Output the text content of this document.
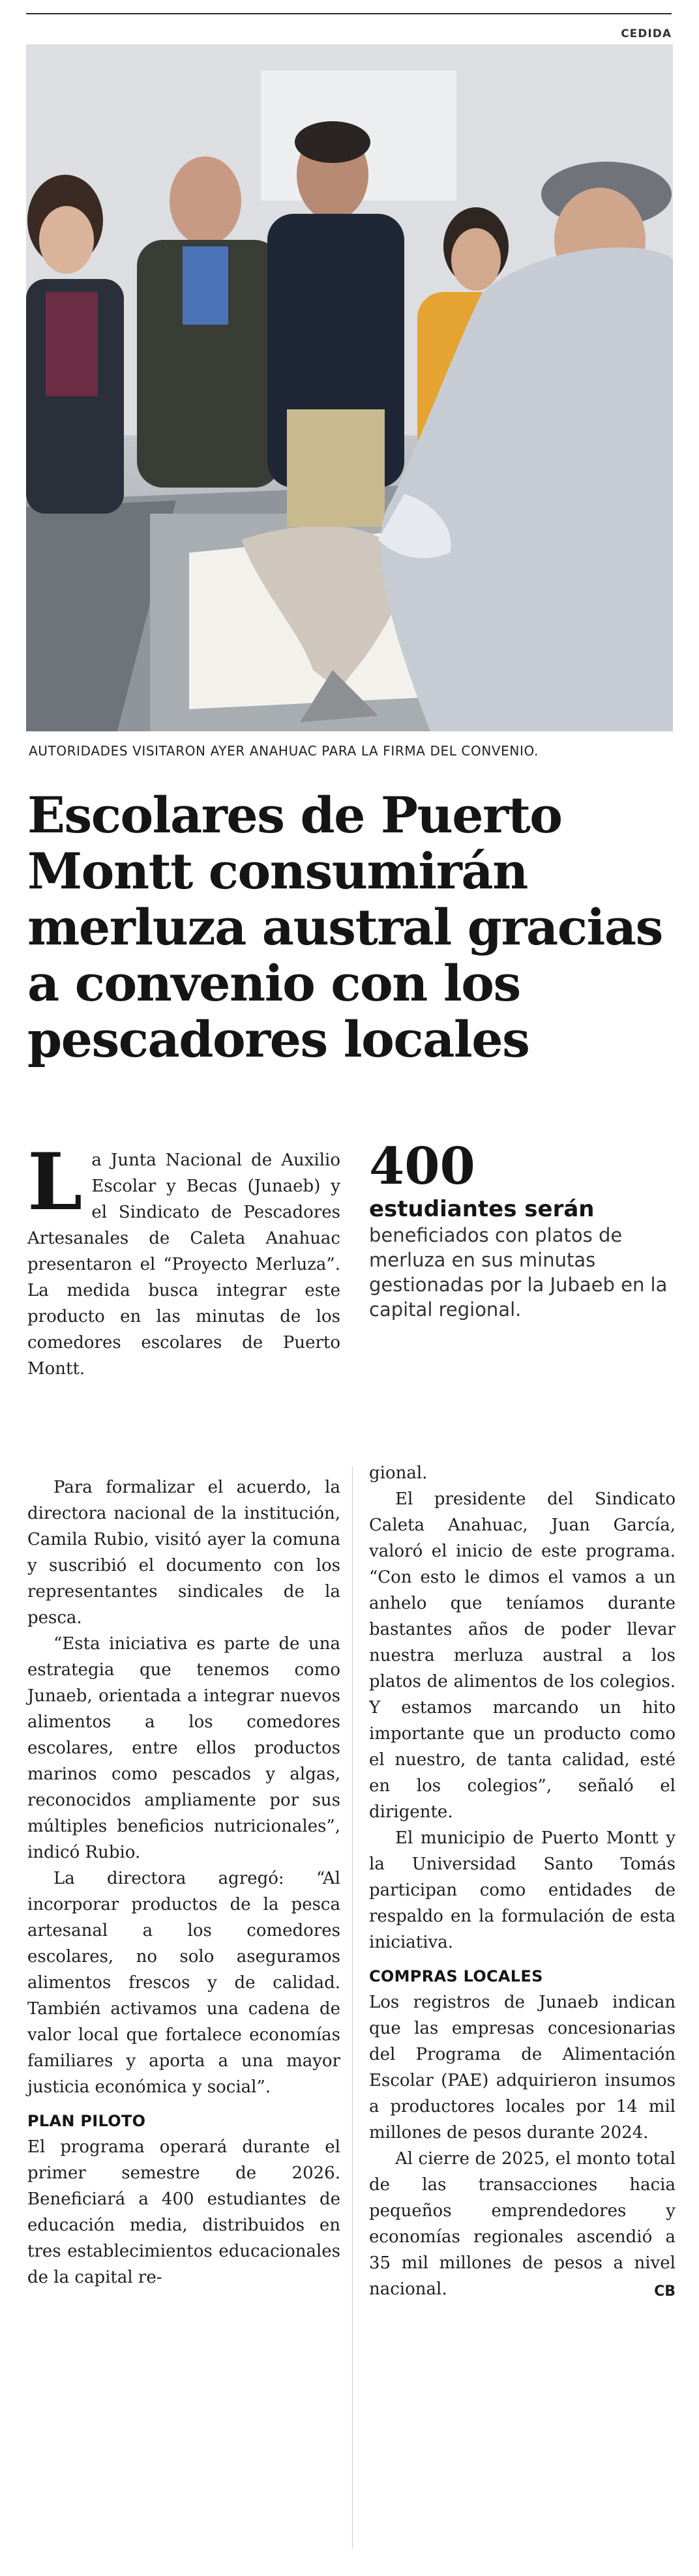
CEDIDA
AUTORIDADES VISITARON AYER ANAHUAC PARA LA FIRMA DEL CONVENIO.
Escolares de Puerto Montt consumirán merluza austral gracias a convenio con los pescadores locales
L a Junta Nacional de Auxilio Escolar y Becas (Junaeb) y el Sindicato de Pescadores Artesanales de Caleta Anahuac presentaron el “Proyecto Merluza”. La medida busca integrar este producto en las minutas de los comedores escolares de Puerto Montt.

400
estudiantes serán
beneficiados con platos de merluza en sus minutas gestionadas por la Jubaeb en la capital regional.

Para formalizar el acuerdo, la directora nacional de la institución, Camila Rubio, visitó ayer la comuna y suscribió el documento con los representantes sindicales de la pesca.

“Esta iniciativa es parte de una estrategia que tenemos como Junaeb, orientada a integrar nuevos alimentos a los comedores escolares, entre ellos productos marinos como pescados y algas, reconocidos ampliamente por sus múltiples beneficios nutricionales”, indicó Rubio.

La directora agregó: “Al incorporar productos de la pesca artesanal a los comedores escolares, no solo aseguramos alimentos frescos y de calidad. También activamos una cadena de valor local que fortalece economías familiares y aporta a una mayor justicia económica y social”.

PLAN PILOTO

El programa operará durante el primer semestre de 2026. Beneficiará a 400 estudiantes de educación media, distribuidos en tres establecimientos educacionales de la capital re-

gional.

El presidente del Sindicato Caleta Anahuac, Juan García, valoró el inicio de este programa. “Con esto le dimos el vamos a un anhelo que teníamos durante bastantes años de poder llevar nuestra merluza austral a los platos de alimentos de los colegios. Y estamos marcando un hito importante que un producto como el nuestro, de tanta calidad, esté en los colegios”, señaló el dirigente.

El municipio de Puerto Montt y la Universidad Santo Tomás participan como entidades de respaldo en la formulación de esta iniciativa.

COMPRAS LOCALES

Los registros de Junaeb indican que las empresas concesionarias del Programa de Alimentación Escolar (PAE) adquirieron insumos a productores locales por 14 mil millones de pesos durante 2024.

Al cierre de 2025, el monto total de las transacciones hacia pequeños emprendedores y economías regionales ascendió a 35 mil millones de pesos a nivel nacional.	CB
